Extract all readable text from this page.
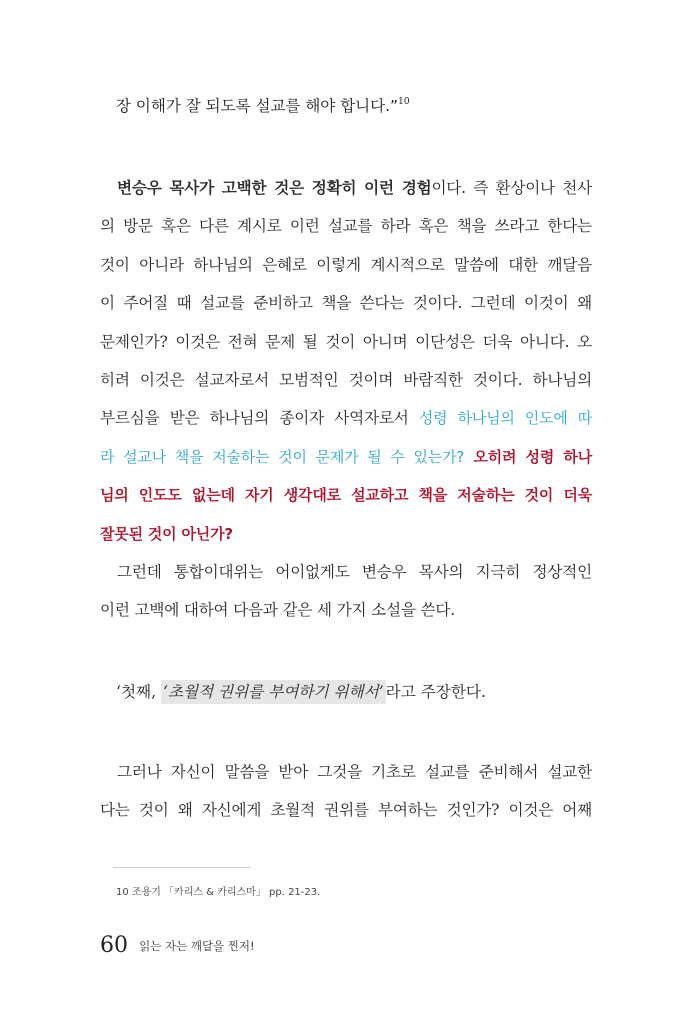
장 이해가 잘 되도록 설교를 해야 합니다.”$^{10}$

변승우 목사가 고백한 것은 정확히 이런 경험이다. 즉 환상이나 천사
의 방문 혹은 다른 계시로 이런 설교를 하라 혹은 책을 쓰라고 한다는
것이 아니라 하나님의 은혜로 이렇게 계시적으로 말씀에 대한 깨달음
이 주어질 때 설교를 준비하고 책을 쓴다는 것이다. 그런데 이것이 왜
문제인가? 이것은 전혀 문제 될 것이 아니며 이단성은 더욱 아니다. 오
히려 이것은 설교자로서 모범적인 것이며 바람직한 것이다. 하나님의
부르심을 받은 하나님의 종이자 사역자로서 성령 하나님의 인도에 따
라 설교나 책을 저술하는 것이 문제가 될 수 있는가? 오히려 성령 하나
님의 인도도 없는데 자기 생각대로 설교하고 책을 저술하는 것이 더욱
잘못된 것이 아닌가?

그런데 통합이대위는 어이없게도 변승우 목사의 지극히 정상적인
이런 고백에 대하여 다음과 같은 세 가지 소설을 쓴다.

‘첫째, ‘초월적 권위를 부여하기 위해서’ 라고 주장한다.

그러나 자신이 말씀을 받아 그것을 기초로 설교를 준비해서 설교한
다는 것이 왜 자신에게 초월적 권위를 부여하는 것인가? 이것은 어째

10 조용기 「카리스 & 카리스마」 pp. 21-23.
60 읽는 자는 깨달을 찐저!
